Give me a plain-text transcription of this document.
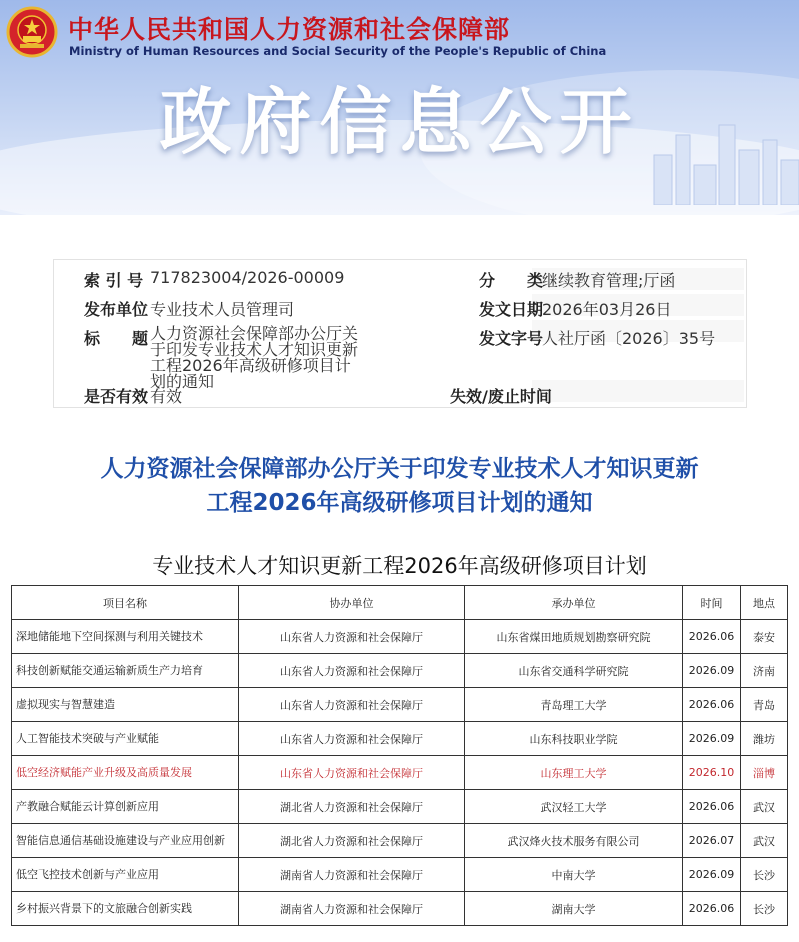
中华人民共和国人力资源和社会保障部
Ministry of Human Resources and Social Security of the People's Republic of China
政府信息公开
索 引 号 717823004/2026-00009	分　　类
继续教育管理;厅函
发布单位 专业技术人员管理司	发文日期
2026年03月26日
标　　题 人力资源社会保障部办公厅关于印发专业技术人才知识更新工程2026年高级研修项目计划的通知
发文字号
人社厅函〔2026〕35号
是否有效 有效	失效/废止时间
人力资源社会保障部办公厅关于印发专业技术人才知识更新
工程2026年高级研修项目计划的通知
专业技术人才知识更新工程2026年高级研修项目计划
项目名称	协办单位	承办单位	时间	地点
深地储能地下空间探测与利用关键技术	山东省人力资源和社会保障厅	山东省煤田地质规划勘察研究院	2026.06	泰安
科技创新赋能交通运输新质生产力培育	山东省人力资源和社会保障厅	山东省交通科学研究院	2026.09	济南
虚拟现实与智慧建造	山东省人力资源和社会保障厅	青岛理工大学	2026.06	青岛
人工智能技术突破与产业赋能	山东省人力资源和社会保障厅	山东科技职业学院	2026.09	潍坊
低空经济赋能产业升级及高质量发展	山东省人力资源和社会保障厅	山东理工大学	2026.10	淄博
产教融合赋能云计算创新应用	湖北省人力资源和社会保障厅	武汉轻工大学	2026.06	武汉
智能信息通信基础设施建设与产业应用创新	湖北省人力资源和社会保障厅	武汉烽火技术服务有限公司	2026.07	武汉
低空飞控技术创新与产业应用	湖南省人力资源和社会保障厅	中南大学	2026.09	长沙
乡村振兴背景下的文旅融合创新实践	湖南省人力资源和社会保障厅	湖南大学	2026.06	长沙
